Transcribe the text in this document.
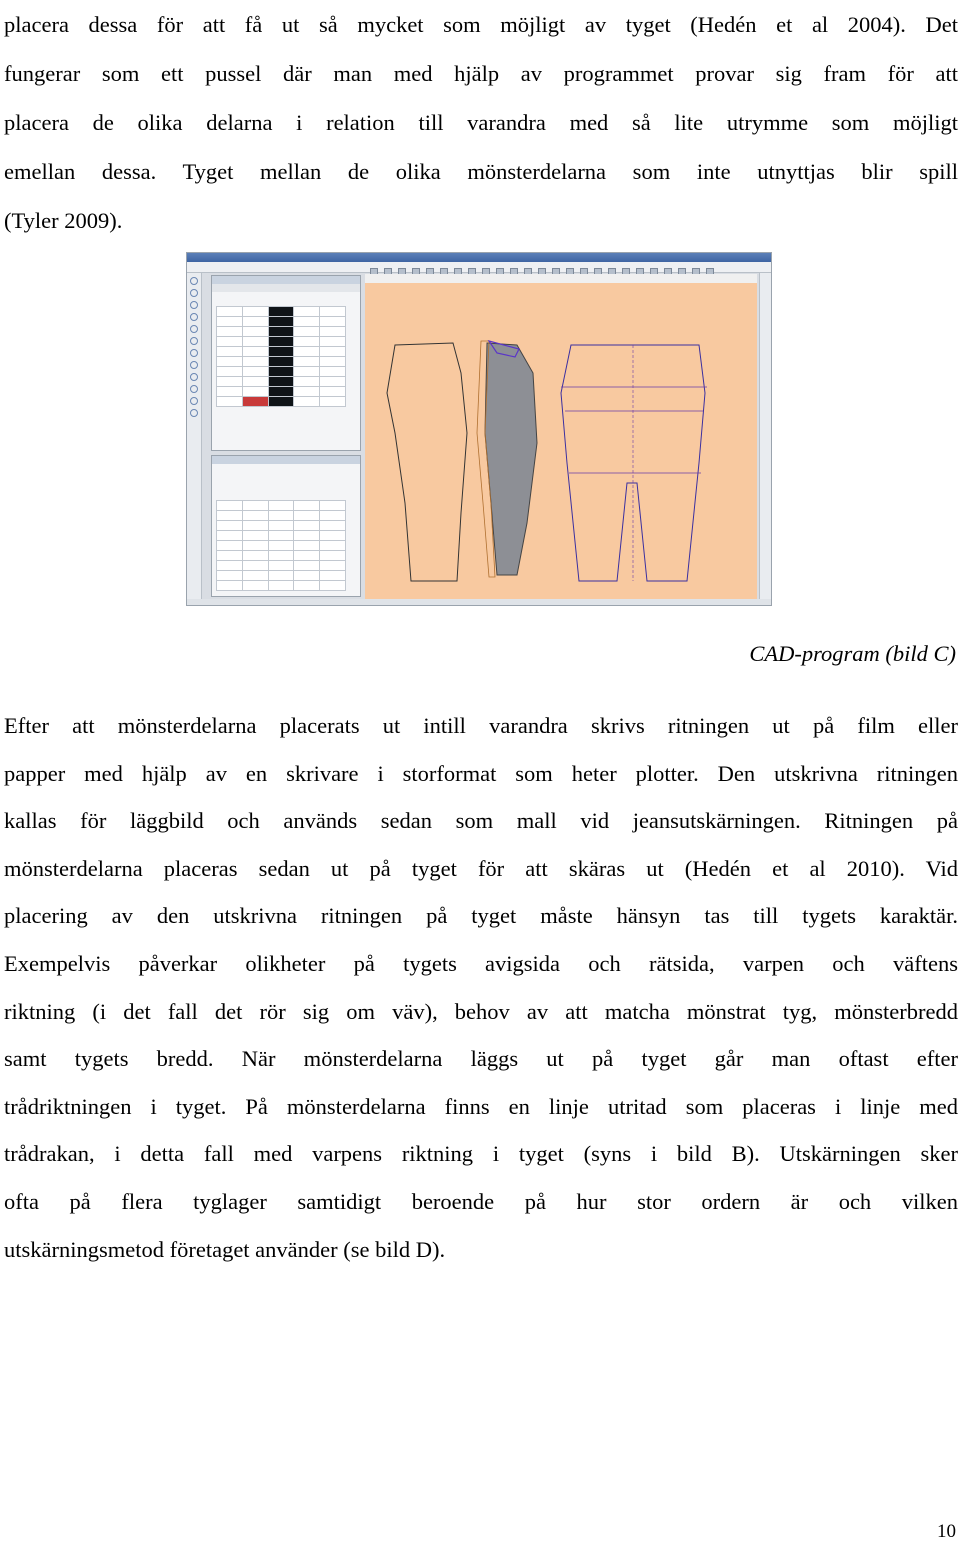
placera dessa för att få ut så mycket som möjligt av tyget (Hedén et al 2004). Det
fungerar som ett pussel där man med hjälp av programmet provar sig fram för att
placera de olika delarna i relation till varandra med så lite utrymme som möjligt
emellan dessa. Tyget mellan de olika mönsterdelarna som inte utnyttjas blir spill
(Tyler 2009).

CAD-program (bild C)

Efter att mönsterdelarna placerats ut intill varandra skrivs ritningen ut på film eller
papper med hjälp av en skrivare i storformat som heter plotter. Den utskrivna ritningen
kallas för läggbild och används sedan som mall vid jeansutskärningen. Ritningen på
mönsterdelarna placeras sedan ut på tyget för att skäras ut (Hedén et al 2010). Vid
placering av den utskrivna ritningen på tyget måste hänsyn tas till tygets karaktär.
Exempelvis påverkar olikheter på tygets avigsida och rätsida, varpen och väftens
riktning (i det fall det rör sig om väv), behov av att matcha mönstrat tyg, mönsterbredd
samt tygets bredd. När mönsterdelarna läggs ut på tyget går man oftast efter
trådriktningen i tyget. På mönsterdelarna finns en linje utritad som placeras i linje med
trådrakan, i detta fall med varpens riktning i tyget (syns i bild B). Utskärningen sker
ofta på flera tyglager samtidigt beroende på hur stor ordern är och vilken
utskärningsmetod företaget använder (se bild D).

10
